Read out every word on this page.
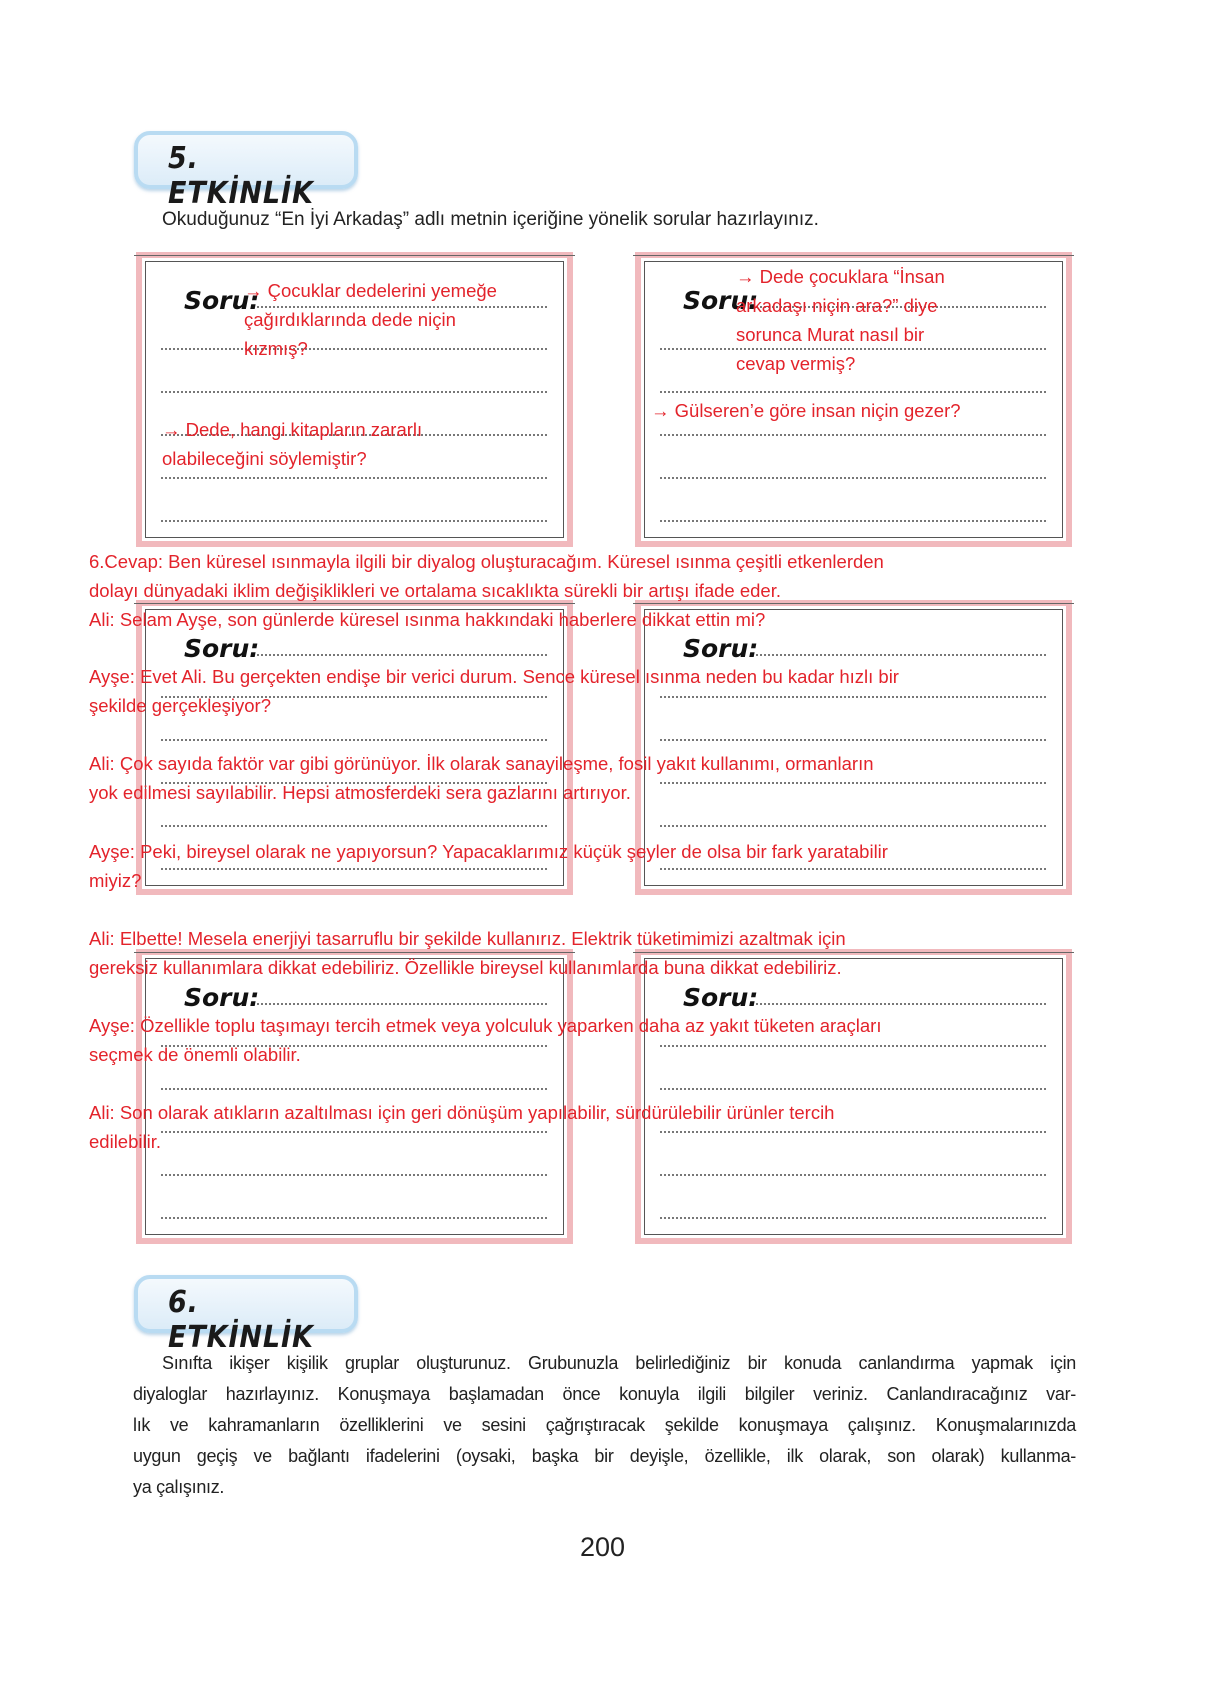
5. ETKİNLİK
Okuduğunuz “En İyi Arkadaş” adlı metnin içeriğine yönelik sorular hazırlayınız.
Soru:
→ Çocuklar dedelerini yemeğe
çağırdıklarında dede niçin
kızmış?
→ Dede, hangi kitapların zararlı
olabileceğini söylemiştir?
Soru:
→ Dede çocuklara “İnsan
arkadaşı niçin ara?” diye
sorunca Murat nasıl bir
cevap vermiş?
→ Gülseren’e göre insan niçin gezer?
Soru:	Soru:
Soru:	Soru:
6.Cevap: Ben küresel ısınmayla ilgili bir diyalog oluşturacağım. Küresel ısınma çeşitli etkenlerden
dolayı dünyadaki iklim değişiklikleri ve ortalama sıcaklıkta sürekli bir artışı ifade eder.
Ali: Selam Ayşe, son günlerde küresel ısınma hakkındaki haberlere dikkat ettin mi?
Ayşe: Evet Ali. Bu gerçekten endişe bir verici durum. Sence küresel ısınma neden bu kadar hızlı bir
şekilde gerçekleşiyor?
Ali: Çok sayıda faktör var gibi görünüyor. İlk olarak sanayileşme, fosil yakıt kullanımı, ormanların
yok edilmesi sayılabilir. Hepsi atmosferdeki sera gazlarını artırıyor.
Ayşe: Peki, bireysel olarak ne yapıyorsun? Yapacaklarımız küçük şeyler de olsa bir fark yaratabilir
miyiz?
Ali: Elbette! Mesela enerjiyi tasarruflu bir şekilde kullanırız. Elektrik tüketimimizi azaltmak için
gereksiz kullanımlara dikkat edebiliriz. Özellikle bireysel kullanımlarda buna dikkat edebiliriz.
Ayşe: Özellikle toplu taşımayı tercih etmek veya yolculuk yaparken daha az yakıt tüketen araçları
seçmek de önemli olabilir.
Ali: Son olarak atıkların azaltılması için geri dönüşüm yapılabilir, sürdürülebilir ürünler tercih
edilebilir.
6. ETKİNLİK
Sınıfta ikişer kişilik gruplar oluşturunuz. Grubunuzla belirlediğiniz bir konuda canlandırma yapmak için
diyaloglar hazırlayınız. Konuşmaya başlamadan önce konuyla ilgili bilgiler veriniz. Canlandıracağınız var-
lık ve kahramanların özelliklerini ve sesini çağrıştıracak şekilde konuşmaya çalışınız. Konuşmalarınızda
uygun geçiş ve bağlantı ifadelerini (oysaki, başka bir deyişle, özellikle, ilk olarak, son olarak) kullanma-
ya çalışınız.
200
